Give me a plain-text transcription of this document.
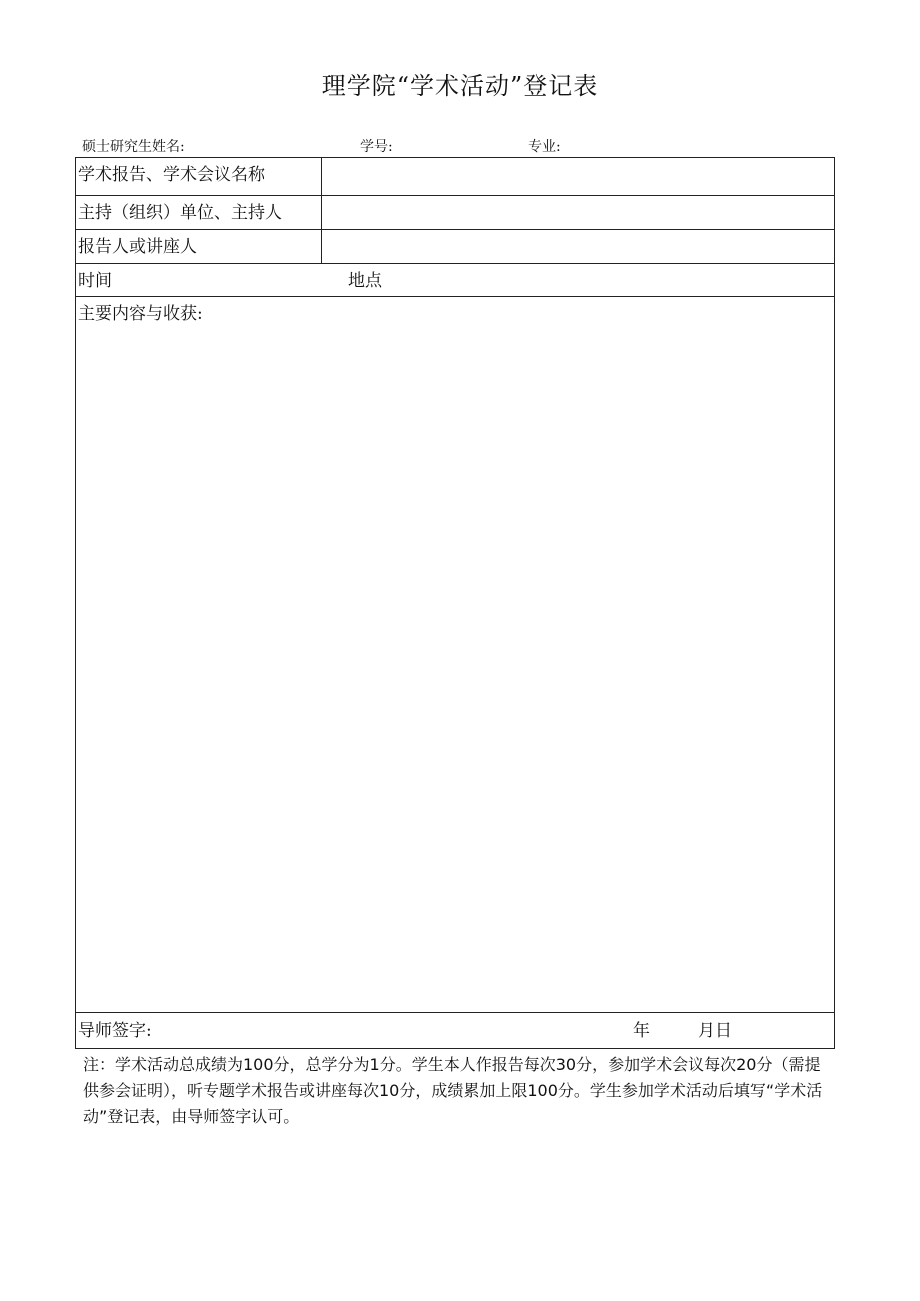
理学院“学术活动”登记表
硕士研究生姓名:	学号:	专业:
学术报告、学术会议名称
主持（组织）单位、主持人
报告人或讲座人
时间	地点
主要内容与收获:
导师签字:	年	月日
注：学术活动总成绩为100分，总学分为1分。学生本人作报告每次30分，参加学术会议每次20分（需提供参会证明），听专题学术报告或讲座每次10分，成绩累加上限100分。学生参加学术活动后填写“学术活动”登记表，由导师签字认可。
